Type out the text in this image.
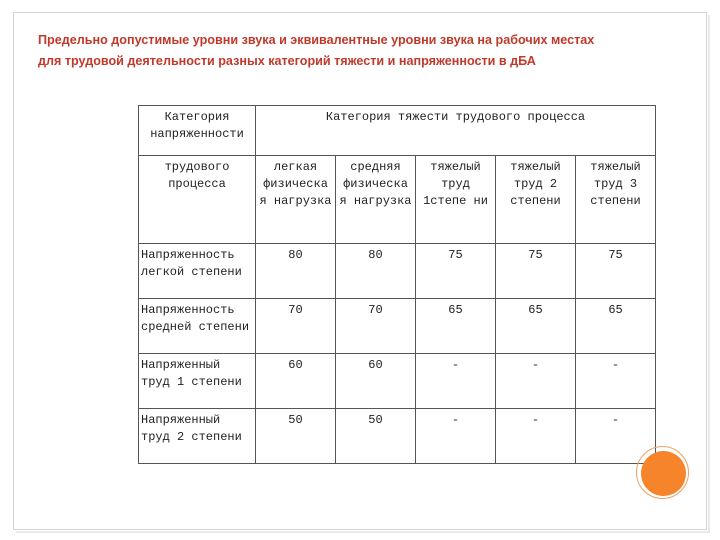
Предельно допустимые уровни звука и эквивалентные уровни звука на рабочих местах
для трудовой деятельности разных категорий тяжести и напряженности в дБА
Категория напряженности	Категория тяжести трудового процесса				
трудового процесса	легкая физическа я нагрузка	средняя физическа я нагрузка	тяжелый труд 1степе ни	тяжелый труд 2 степени	тяжелый труд 3 степени
Напряженность легкой степени	80	80	75	75	75
Напряженность средней степени	70	70	65	65	65
Напряженный труд 1 степени	60	60	-	-	-
Напряженный труд 2 степени	50	50	-	-	-
